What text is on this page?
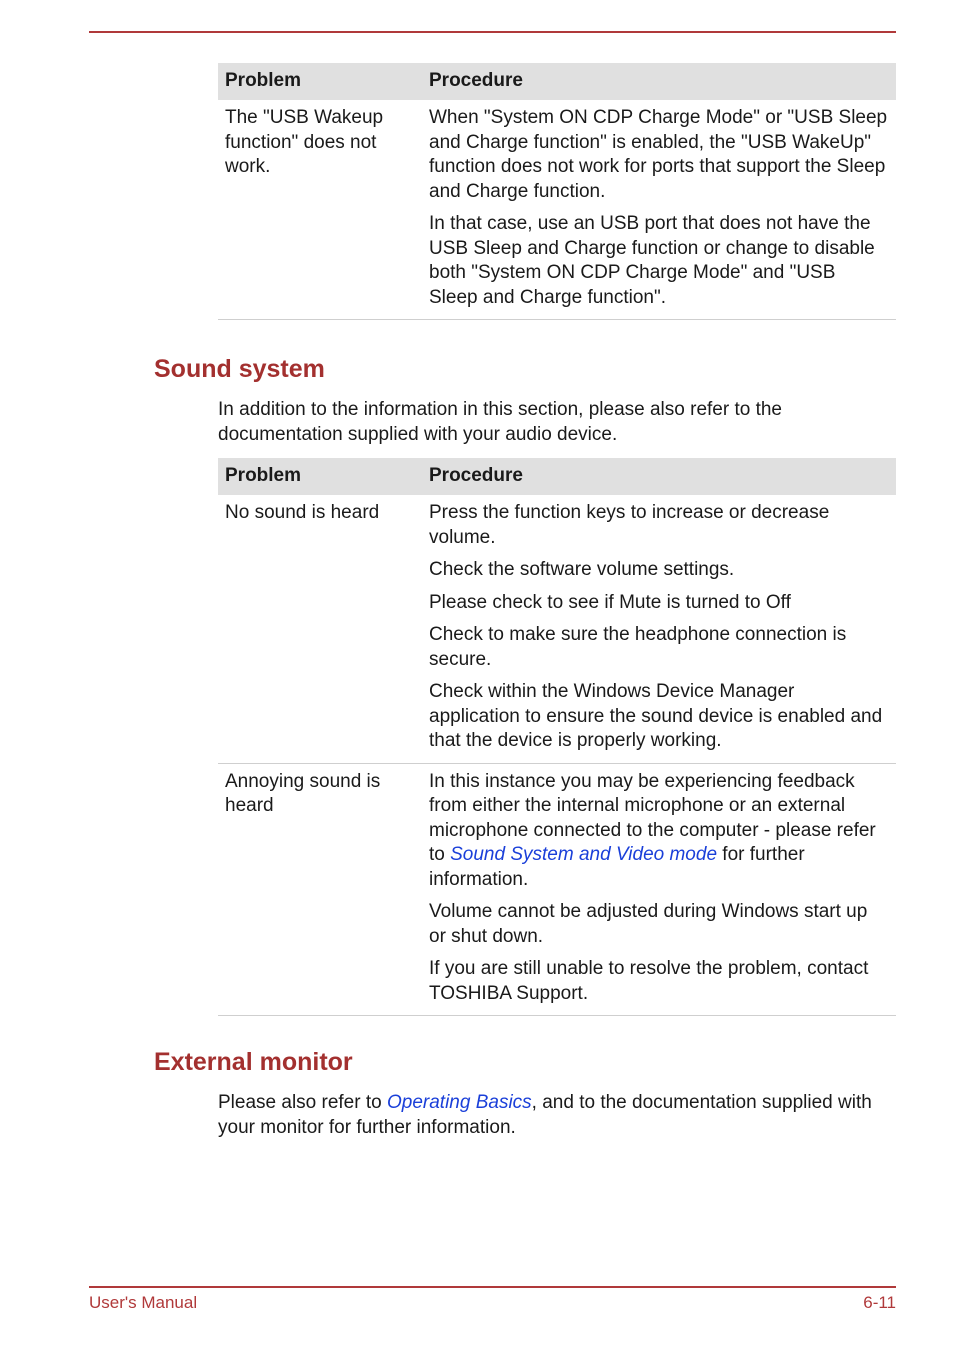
Problem	Procedure
The "USB Wakeup function" does not work.	When "System ON CDP Charge Mode" or "USB Sleep and Charge function" is enabled, the "USB WakeUp" function does not work for ports that support the Sleep and Charge function.

In that case, use an USB port that does not have the USB Sleep and Charge function or change to disable both "System ON CDP Charge Mode" and "USB Sleep and Charge function".

Sound system

In addition to the information in this section, please also refer to the documentation supplied with your audio device.

Problem	Procedure
No sound is heard	Press the function keys to increase or decrease volume.

Check the software volume settings.

Please check to see if Mute is turned to Off

Check to make sure the headphone connection is secure.

Check within the Windows Device Manager application to ensure the sound device is enabled and that the device is properly working.

Annoying sound is heard	In this instance you may be experiencing feedback from either the internal microphone or an external microphone connected to the computer - please refer to Sound System and Video mode for further information.

Volume cannot be adjusted during Windows start up or shut down.

If you are still unable to resolve the problem, contact TOSHIBA Support.

External monitor

Please also refer to Operating Basics, and to the documentation supplied with your monitor for further information.

User's Manual	6-11
